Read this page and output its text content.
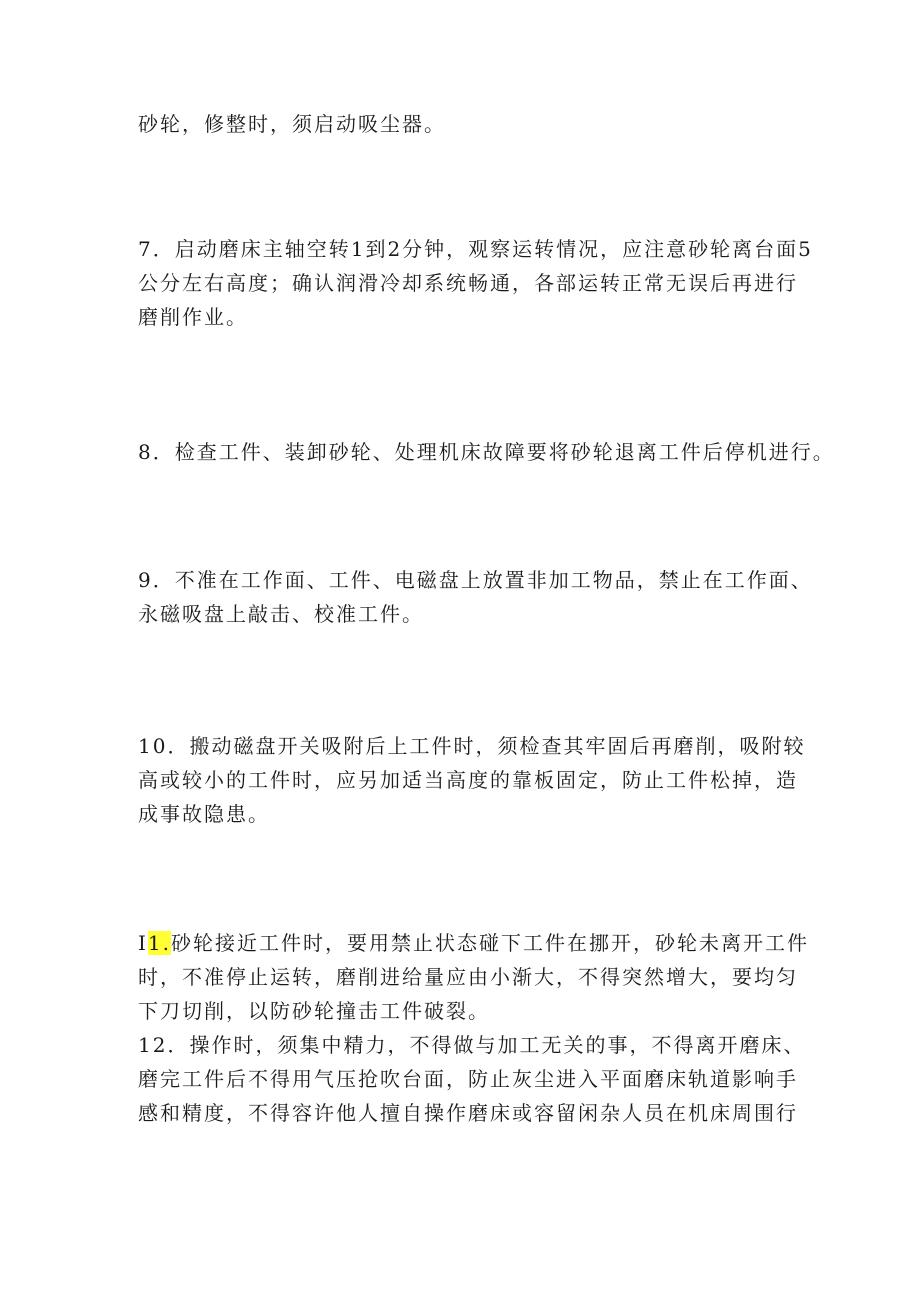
砂轮，修整时，须启动吸尘器。

7．启动磨床主轴空转1到2分钟，观察运转情况，应注意砂轮离台面5
公分左右高度；确认润滑冷却系统畅通，各部运转正常无误后再进行
磨削作业。

8．检查工件、装卸砂轮、处理机床故障要将砂轮退离工件后停机进行。

9．不准在工作面、工件、电磁盘上放置非加工物品，禁止在工作面、
永磁吸盘上敲击、校准工件。

10．搬动磁盘开关吸附后上工件时，须检查其牢固后再磨削，吸附较
高或较小的工件时，应另加适当高度的靠板固定，防止工件松掉，造
成事故隐患。

I1.砂轮接近工件时，要用禁止状态碰下工件在挪开，砂轮未离开工件
时，不准停止运转，磨削进给量应由小渐大，不得突然增大，要均匀
下刀切削，以防砂轮撞击工件破裂。

12．操作时，须集中精力，不得做与加工无关的事，不得离开磨床、
磨完工件后不得用气压抢吹台面，防止灰尘进入平面磨床轨道影响手
感和精度，不得容许他人擅自操作磨床或容留闲杂人员在机床周围行
